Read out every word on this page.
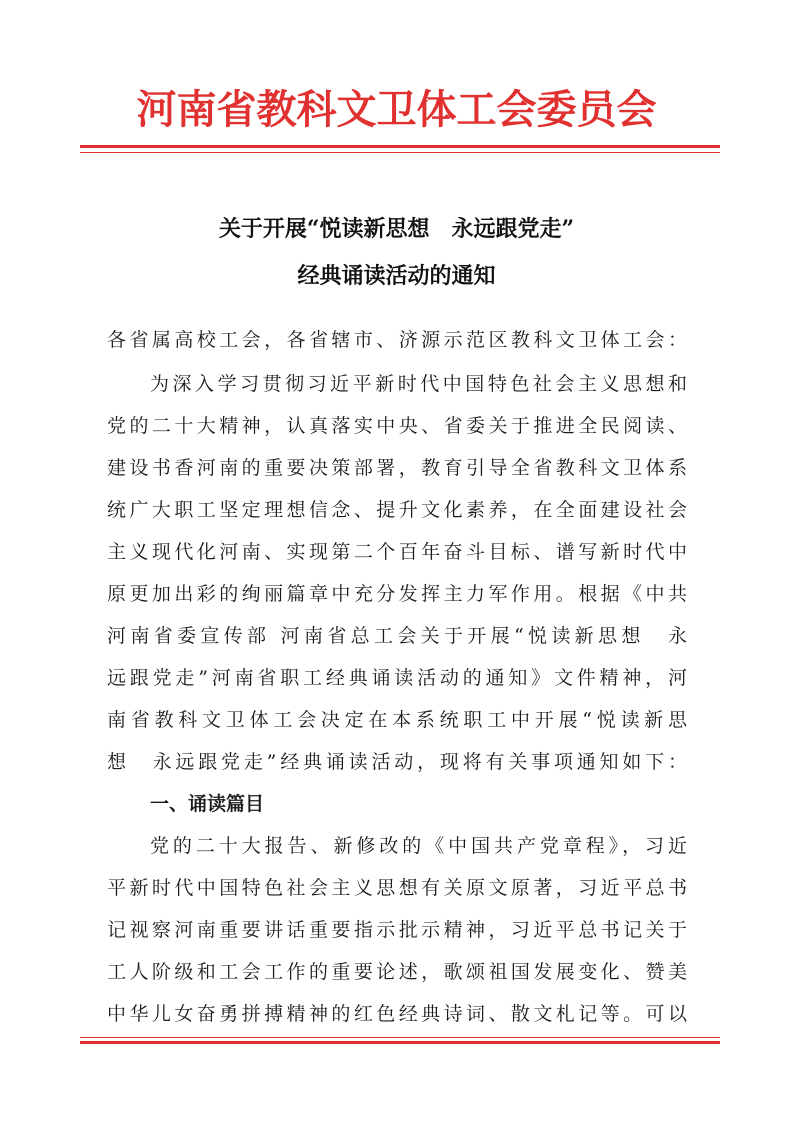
河南省教科文卫体工会委员会
关于开展“悦读新思想　永远跟党走”
经典诵读活动的通知
各省属高校工会，各省辖市、济源示范区教科文卫体工会：
为深入学习贯彻习近平新时代中国特色社会主义思想和
党的二十大精神，认真落实中央、省委关于推进全民阅读、
建设书香河南的重要决策部署，教育引导全省教科文卫体系
统广大职工坚定理想信念、提升文化素养，在全面建设社会
主义现代化河南、实现第二个百年奋斗目标、谱写新时代中
原更加出彩的绚丽篇章中充分发挥主力军作用。根据《中共
河南省委宣传部 河南省总工会关于开展“悦读新思想　永
远跟党走”河南省职工经典诵读活动的通知》文件精神，河
南省教科文卫体工会决定在本系统职工中开展“悦读新思
想　永远跟党走”经典诵读活动，现将有关事项通知如下：
一、诵读篇目
党的二十大报告、新修改的《中国共产党章程》，习近
平新时代中国特色社会主义思想有关原文原著，习近平总书
记视察河南重要讲话重要指示批示精神，习近平总书记关于
工人阶级和工会工作的重要论述，歌颂祖国发展变化、赞美
中华儿女奋勇拼搏精神的红色经典诗词、散文札记等。可以
